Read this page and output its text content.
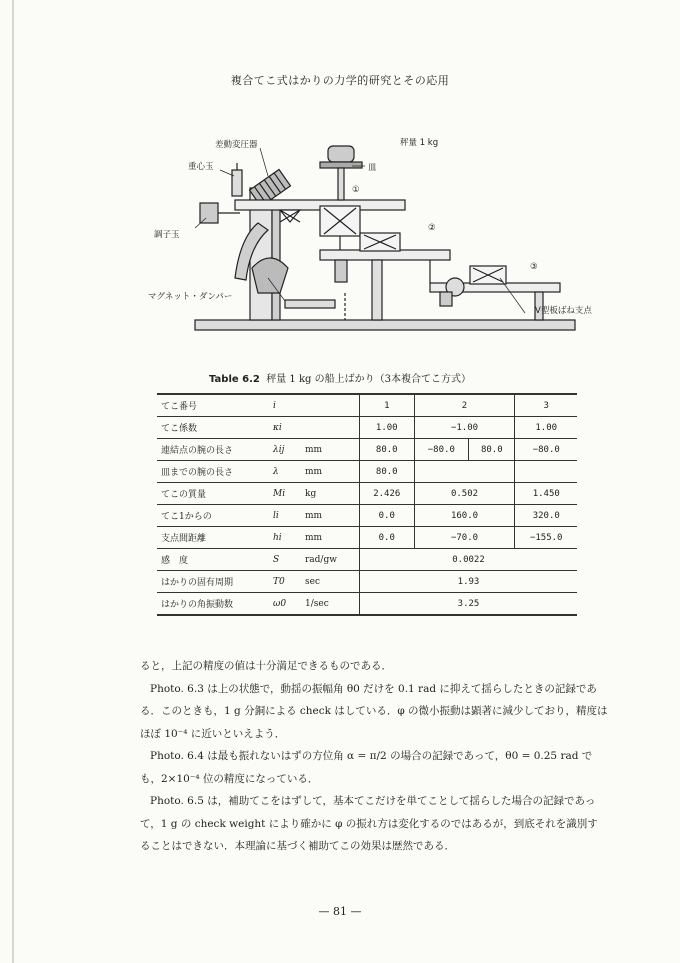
複合てこ式はかりの力学的研究とその応用
秤量 1 kg
差動変圧器
皿
重心玉
調子玉
マグネット・ダンパー
V型板ばね支点
①
②
③
Table 6.2 秤量 1 kg の船上ばかり（3本複合てこ方式）
てこ番号	i		1	2		3
てこ係数	κi		1.00	−1.00		1.00
連結点の腕の長さ	λij	mm	80.0	−80.0	80.0	−80.0
皿までの腕の長さ	λ	mm	80.0			
てこの質量	Mi	kg	2.426	0.502		1.450
てこ1からの	li	mm	0.0	160.0		320.0
支点間距離	hi	mm	0.0	−70.0		−155.0
感　度	S	rad/gw	0.0022			
はかりの固有周期	T0	sec	1.93			
はかりの角振動数	ω0	1/sec	3.25			

ると，上記の精度の値は十分満足できるものである．

Photo. 6.3 は上の状態で，動揺の振幅角 θ0 だけを 0.1 rad に抑えて揺らしたときの記録である．このときも，1 g 分銅による check はしている．φ の微小振動は顕著に減少しており，精度はほぼ 10⁻⁴ に近いといえよう．

Photo. 6.4 は最も振れないはずの方位角 α = π/2 の場合の記録であって，θ0 = 0.25 rad でも，2×10⁻⁴ 位の精度になっている．

Photo. 6.5 は，補助てこをはずして，基本てこだけを単てことして揺らした場合の記録であって，1 g の check weight により確かに φ の振れ方は変化するのではあるが，到底それを識別することはできない．本理論に基づく補助てこの効果は歴然である．

— 81 —
